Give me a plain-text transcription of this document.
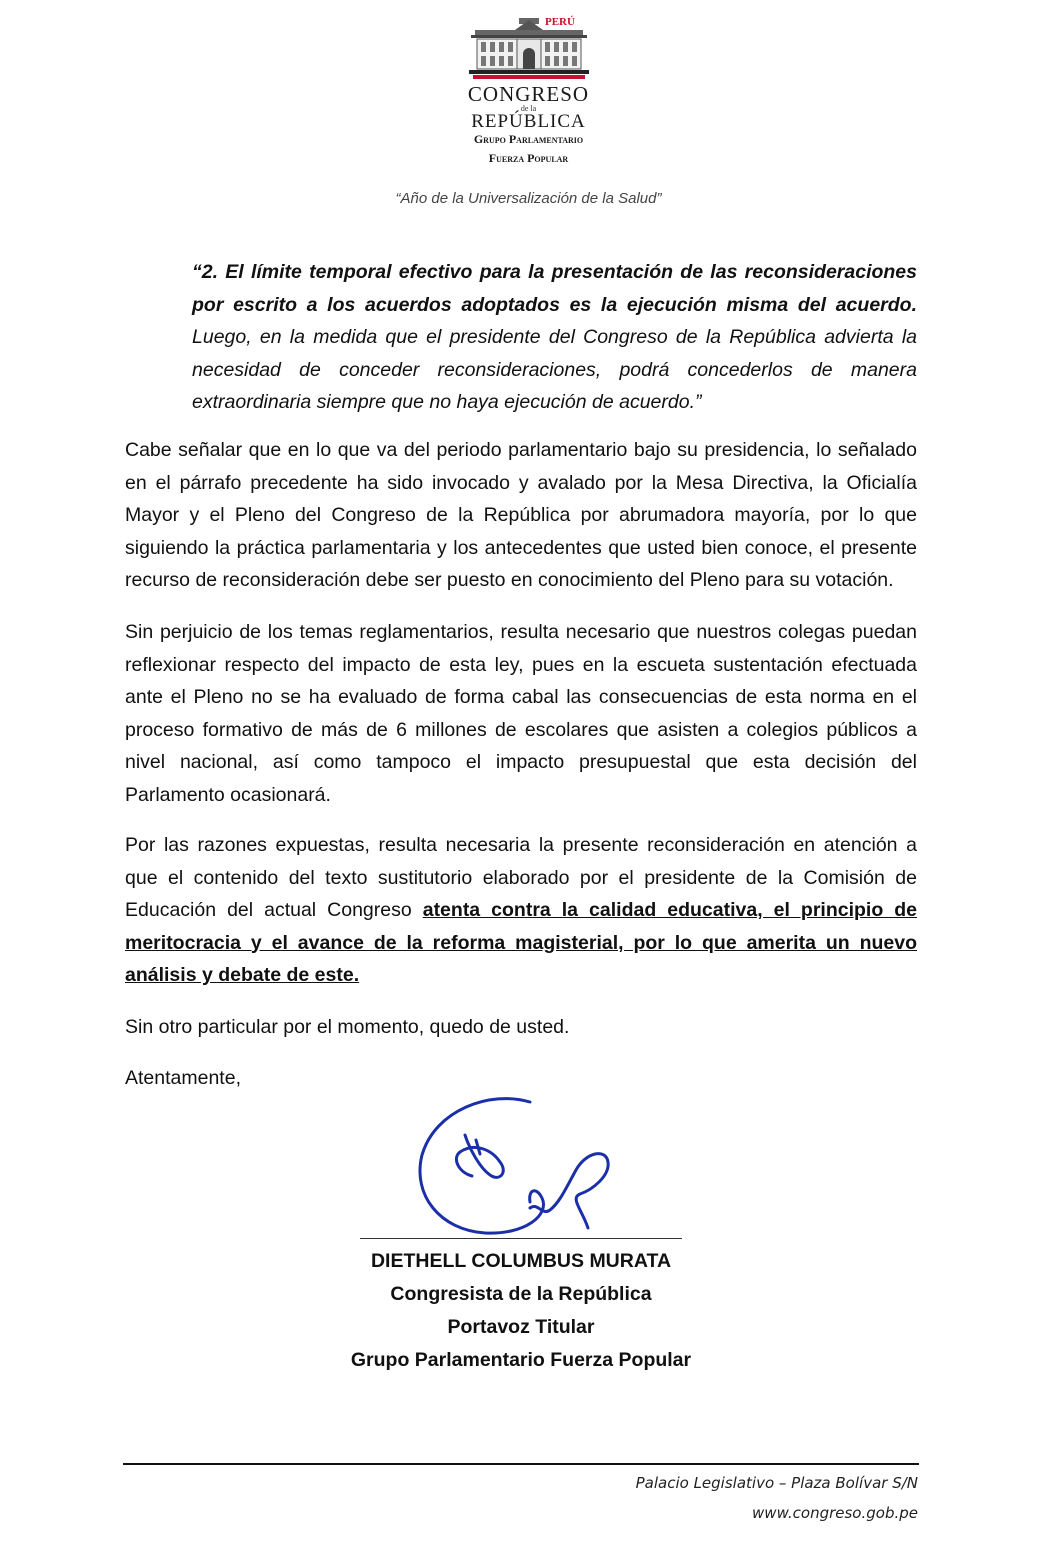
PERÚ
CONGRESO
de la
REPÚBLICA
Grupo Parlamentario
Fuerza Popular
“Año de la Universalización de la Salud”
“2. El límite temporal efectivo para la presentación de las reconsideraciones por escrito a los acuerdos adoptados es la ejecución misma del acuerdo. Luego, en la medida que el presidente del Congreso de la República advierta la necesidad de conceder reconsideraciones, podrá concederlos de manera extraordinaria siempre que no haya ejecución de acuerdo.”

Cabe señalar que en lo que va del periodo parlamentario bajo su presidencia, lo señalado en el párrafo precedente ha sido invocado y avalado por la Mesa Directiva, la Oficialía Mayor y el Pleno del Congreso de la República por abrumadora mayoría, por lo que siguiendo la práctica parlamentaria y los antecedentes que usted bien conoce, el presente recurso de reconsideración debe ser puesto en conocimiento del Pleno para su votación.

Sin perjuicio de los temas reglamentarios, resulta necesario que nuestros colegas puedan reflexionar respecto del impacto de esta ley, pues en la escueta sustentación efectuada ante el Pleno no se ha evaluado de forma cabal las consecuencias de esta norma en el proceso formativo de más de 6 millones de escolares que asisten a colegios públicos a nivel nacional, así como tampoco el impacto presupuestal que esta decisión del Parlamento ocasionará.

Por las razones expuestas, resulta necesaria la presente reconsideración en atención a que el contenido del texto sustitutorio elaborado por el presidente de la Comisión de Educación del actual Congreso atenta contra la calidad educativa, el principio de meritocracia y el avance de la reforma magisterial, por lo que amerita un nuevo análisis y debate de este.

Sin otro particular por el momento, quedo de usted.

Atentamente,
DIETHELL COLUMBUS MURATA
Congresista de la República
Portavoz Titular
Grupo Parlamentario Fuerza Popular
Palacio Legislativo – Plaza Bolívar S/N
www.congreso.gob.pe
